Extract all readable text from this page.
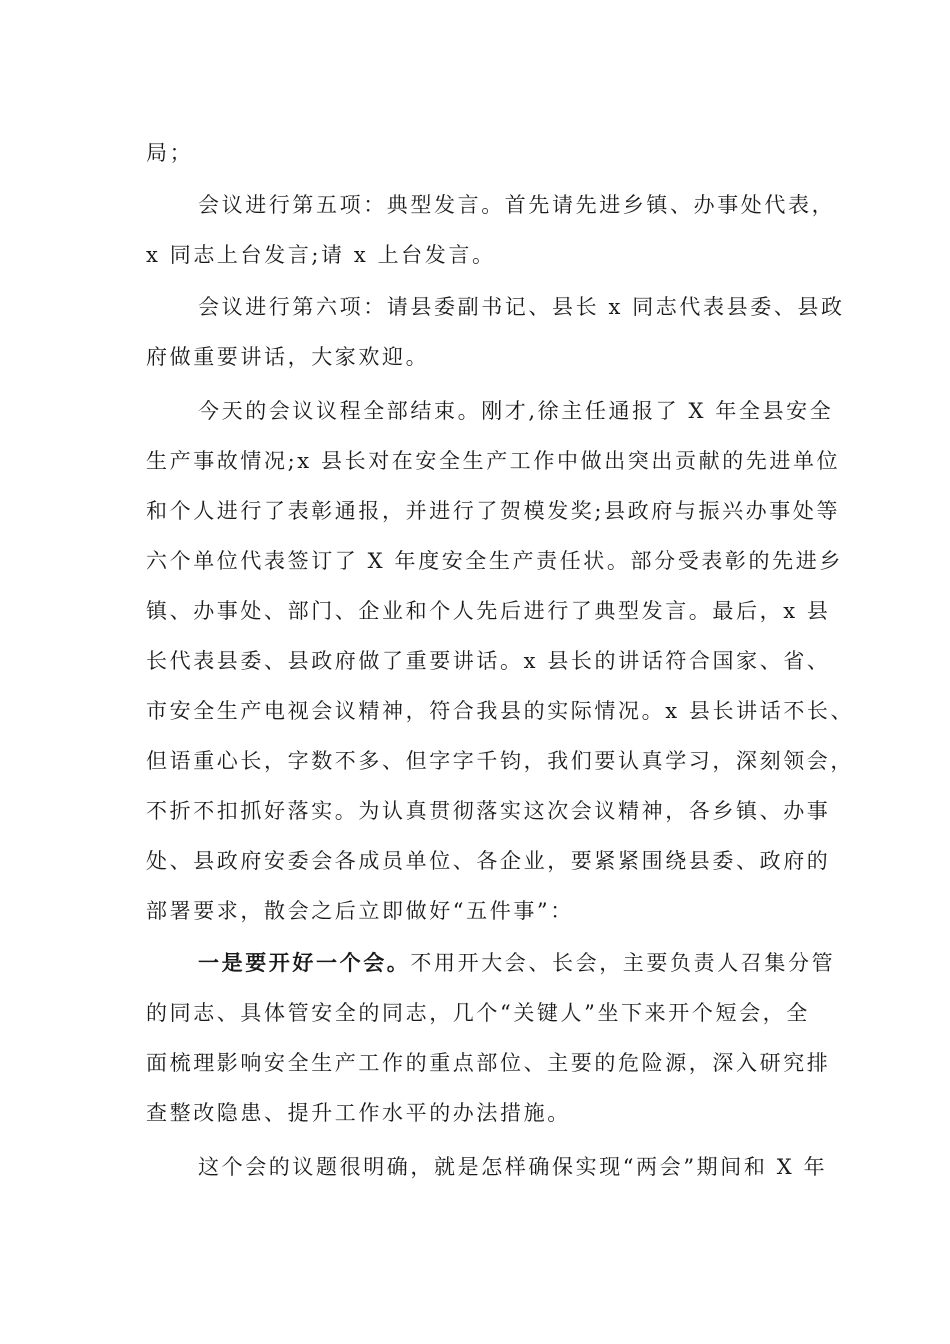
局；
会议进行第五项：典型发言。首先请先进乡镇、办事处代表，
x 同志上台发言;请 x 上台发言。
会议进行第六项：请县委副书记、县长 x 同志代表县委、县政
府做重要讲话，大家欢迎。
今天的会议议程全部结束。刚才,徐主任通报了 X 年全县安全
生产事故情况;x 县长对在安全生产工作中做出突出贡献的先进单位
和个人进行了表彰通报，并进行了贺模发奖;县政府与振兴办事处等
六个单位代表签订了 X 年度安全生产责任状。部分受表彰的先进乡
镇、办事处、部门、企业和个人先后进行了典型发言。最后，x 县
长代表县委、县政府做了重要讲话。x 县长的讲话符合国家、省、
市安全生产电视会议精神，符合我县的实际情况。x 县长讲话不长、
但语重心长，字数不多、但字字千钧，我们要认真学习，深刻领会，
不折不扣抓好落实。为认真贯彻落实这次会议精神，各乡镇、办事
处、县政府安委会各成员单位、各企业，要紧紧围绕县委、政府的
部署要求，散会之后立即做好“五件事”：
一是要开好一个会。不用开大会、长会，主要负责人召集分管
的同志、具体管安全的同志，几个“关键人”坐下来开个短会，全
面梳理影响安全生产工作的重点部位、主要的危险源，深入研究排
查整改隐患、提升工作水平的办法措施。
这个会的议题很明确，就是怎样确保实现“两会”期间和 X 年
